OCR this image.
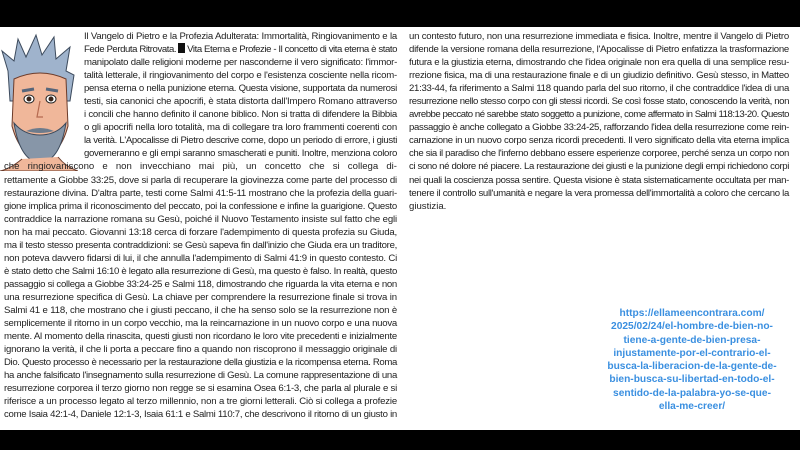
Il Vangelo di Pietro e la Profezia Adulterata: Immortalità, Ringiovanimento e la
Fede Perduta Ritrovata. Vita Eterna e Profezie - Il concetto di vita eterna è stato
manipolato dalle religioni moderne per nasconderne il vero significato: l'immor-
talità letterale, il ringiovanimento del corpo e l'esistenza cosciente nella ricom-
pensa eterna o nella punizione eterna. Questa visione, supportata da numerosi
testi, sia canonici che apocrifi, è stata distorta dall'Impero Romano attraverso
i concili che hanno definito il canone biblico. Non si tratta di difendere la Bibbia
o gli apocrifi nella loro totalità, ma di collegare tra loro frammenti coerenti con
la verità. L'Apocalisse di Pietro descrive come, dopo un periodo di errore, i giusti
governeranno e gli empi saranno smascherati e puniti. Inoltre, menziona coloro
che ringiovaniscono e non invecchiano mai più, un concetto che si collega di-
rettamente a Giobbe 33:25, dove si parla di recuperare la giovinezza come parte del processo di
restaurazione divina. D'altra parte, testi come Salmi 41:5-11 mostrano che la profezia della guari-
gione implica prima il riconoscimento del peccato, poi la confessione e infine la guarigione. Questo
contraddice la narrazione romana su Gesù, poiché il Nuovo Testamento insiste sul fatto che egli
non ha mai peccato. Giovanni 13:18 cerca di forzare l'adempimento di questa profezia su Giuda,
ma il testo stesso presenta contraddizioni: se Gesù sapeva fin dall'inizio che Giuda era un traditore,
non poteva davvero fidarsi di lui, il che annulla l'adempimento di Salmi 41:9 in questo contesto. Ci
è stato detto che Salmi 16:10 è legato alla resurrezione di Gesù, ma questo è falso. In realtà, questo
passaggio si collega a Giobbe 33:24-25 e Salmi 118, dimostrando che riguarda la vita eterna e non
una resurrezione specifica di Gesù. La chiave per comprendere la resurrezione finale si trova in
Salmi 41 e 118, che mostrano che i giusti peccano, il che ha senso solo se la resurrezione non è
semplicemente il ritorno in un corpo vecchio, ma la reincarnazione in un nuovo corpo e una nuova
mente. Al momento della rinascita, questi giusti non ricordano le loro vite precedenti e inizialmente
ignorano la verità, il che li porta a peccare fino a quando non riscoprono il messaggio originale di
Dio. Questo processo è necessario per la restaurazione della giustizia e la ricompensa eterna. Roma
ha anche falsificato l'insegnamento sulla resurrezione di Gesù. La comune rappresentazione di una
resurrezione corporea il terzo giorno non regge se si esamina Osea 6:1-3, che parla al plurale e si
riferisce a un processo legato al terzo millennio, non a tre giorni letterali. Ciò si collega a profezie
come Isaia 42:1-4, Daniele 12:1-3, Isaia 61:1 e Salmi 110:7, che descrivono il ritorno di un giusto in
un contesto futuro, non una resurrezione immediata e fisica. Inoltre, mentre il Vangelo di Pietro
difende la versione romana della resurrezione, l'Apocalisse di Pietro enfatizza la trasformazione
futura e la giustizia eterna, dimostrando che l'idea originale non era quella di una semplice resu-
rrezione fisica, ma di una restaurazione finale e di un giudizio definitivo. Gesù stesso, in Matteo
21:33-44, fa riferimento a Salmi 118 quando parla del suo ritorno, il che contraddice l'idea di una
resurrezione nello stesso corpo con gli stessi ricordi. Se così fosse stato, conoscendo la verità, non
avrebbe peccato né sarebbe stato soggetto a punizione, come affermato in Salmi 118:13-20. Questo
passaggio è anche collegato a Giobbe 33:24-25, rafforzando l'idea della resurrezione come rein-
carnazione in un nuovo corpo senza ricordi precedenti. Il vero significato della vita eterna implica
che sia il paradiso che l'inferno debbano essere esperienze corporee, perché senza un corpo non
ci sono né dolore né piacere. La restaurazione dei giusti e la punizione degli empi richiedono corpi
nei quali la coscienza possa sentire. Questa visione è stata sistematicamente occultata per man-
tenere il controllo sull'umanità e negare la vera promessa dell'immortalità a coloro che cercano la
giustizia.
https://ellameencontrara.com/
2025/02/24/el-hombre-de-bien-no-
tiene-a-gente-de-bien-presa-
injustamente-por-el-contrario-el-
busca-la-liberacion-de-la-gente-de-
bien-busca-su-libertad-en-todo-el-
sentido-de-la-palabra-yo-se-que-
ella-me-creer/
